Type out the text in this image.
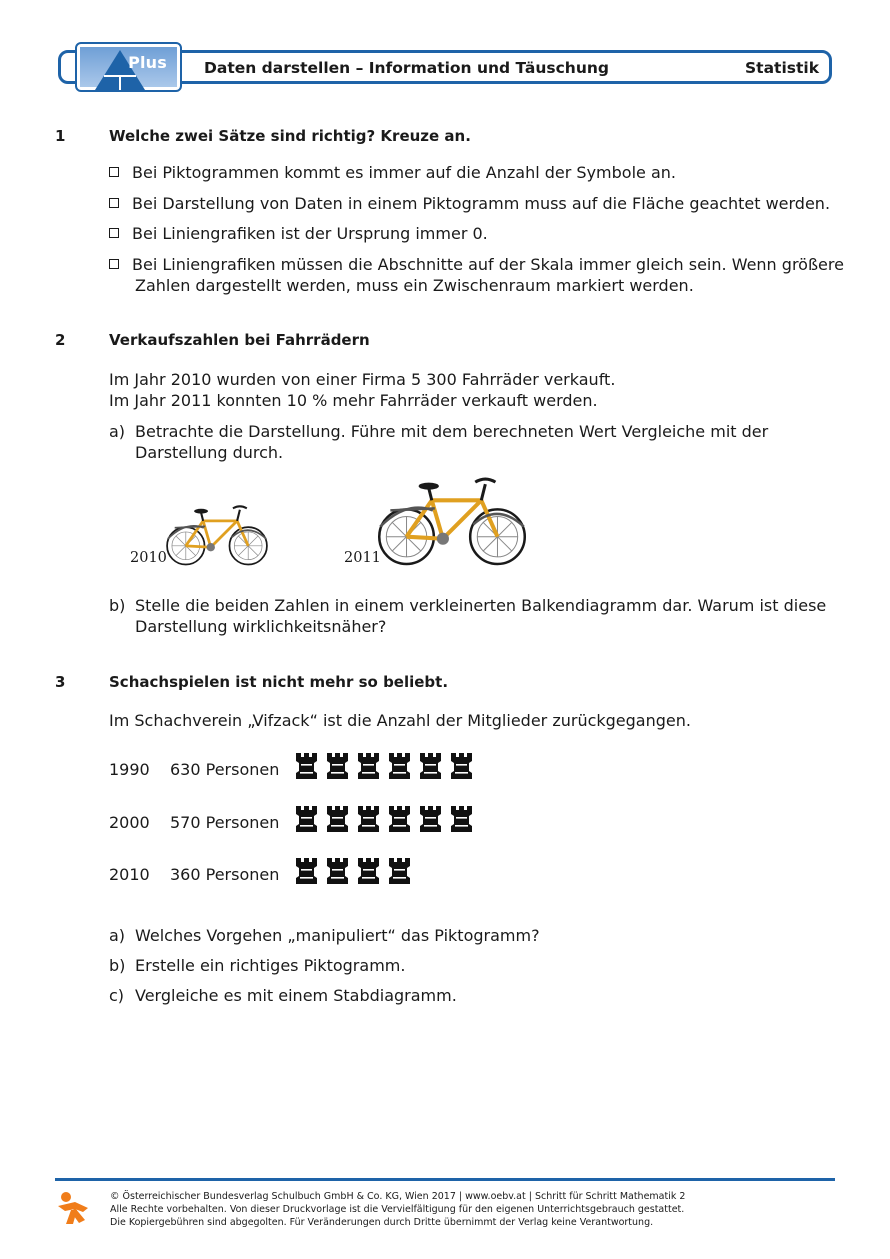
Plus Daten darstellen – Information und Täuschung	Statistik
1	Welche zwei Sätze sind richtig? Kreuze an.
Bei Piktogrammen kommt es immer auf die Anzahl der Symbole an.
Bei Darstellung von Daten in einem Piktogramm muss auf die Fläche geachtet werden.
Bei Liniengrafiken ist der Ursprung immer 0.
Bei Liniengrafiken müssen die Abschnitte auf der Skala immer gleich sein. Wenn größere
Zahlen dargestellt werden, muss ein Zwischenraum markiert werden.
2	Verkaufszahlen bei Fahrrädern
Im Jahr 2010 wurden von einer Firma 5 300 Fahrräder verkauft.
Im Jahr 2011 konnten 10 % mehr Fahrräder verkauft werden.
a) Betrachte die Darstellung. Führe mit dem berechneten Wert Vergleiche mit der
Darstellung durch.
2010	2011
b) Stelle die beiden Zahlen in einem verkleinerten Balkendiagramm dar. Warum ist diese
Darstellung wirklichkeitsnäher?
3	Schachspielen ist nicht mehr so beliebt.
Im Schachverein „Vifzack“ ist die Anzahl der Mitglieder zurückgegangen.
1990 630 Personen
2000 570 Personen
2010 360 Personen
a) Welches Vorgehen „manipuliert“ das Piktogramm?
b) Erstelle ein richtiges Piktogramm.
c) Vergleiche es mit einem Stabdiagramm.
© Österreichischer Bundesverlag Schulbuch GmbH & Co. KG, Wien 2017 | www.oebv.at | Schritt für Schritt Mathematik 2
Alle Rechte vorbehalten. Von dieser Druckvorlage ist die Vervielfältigung für den eigenen Unterrichtsgebrauch gestattet.
Die Kopiergebühren sind abgegolten. Für Veränderungen durch Dritte übernimmt der Verlag keine Verantwortung.
